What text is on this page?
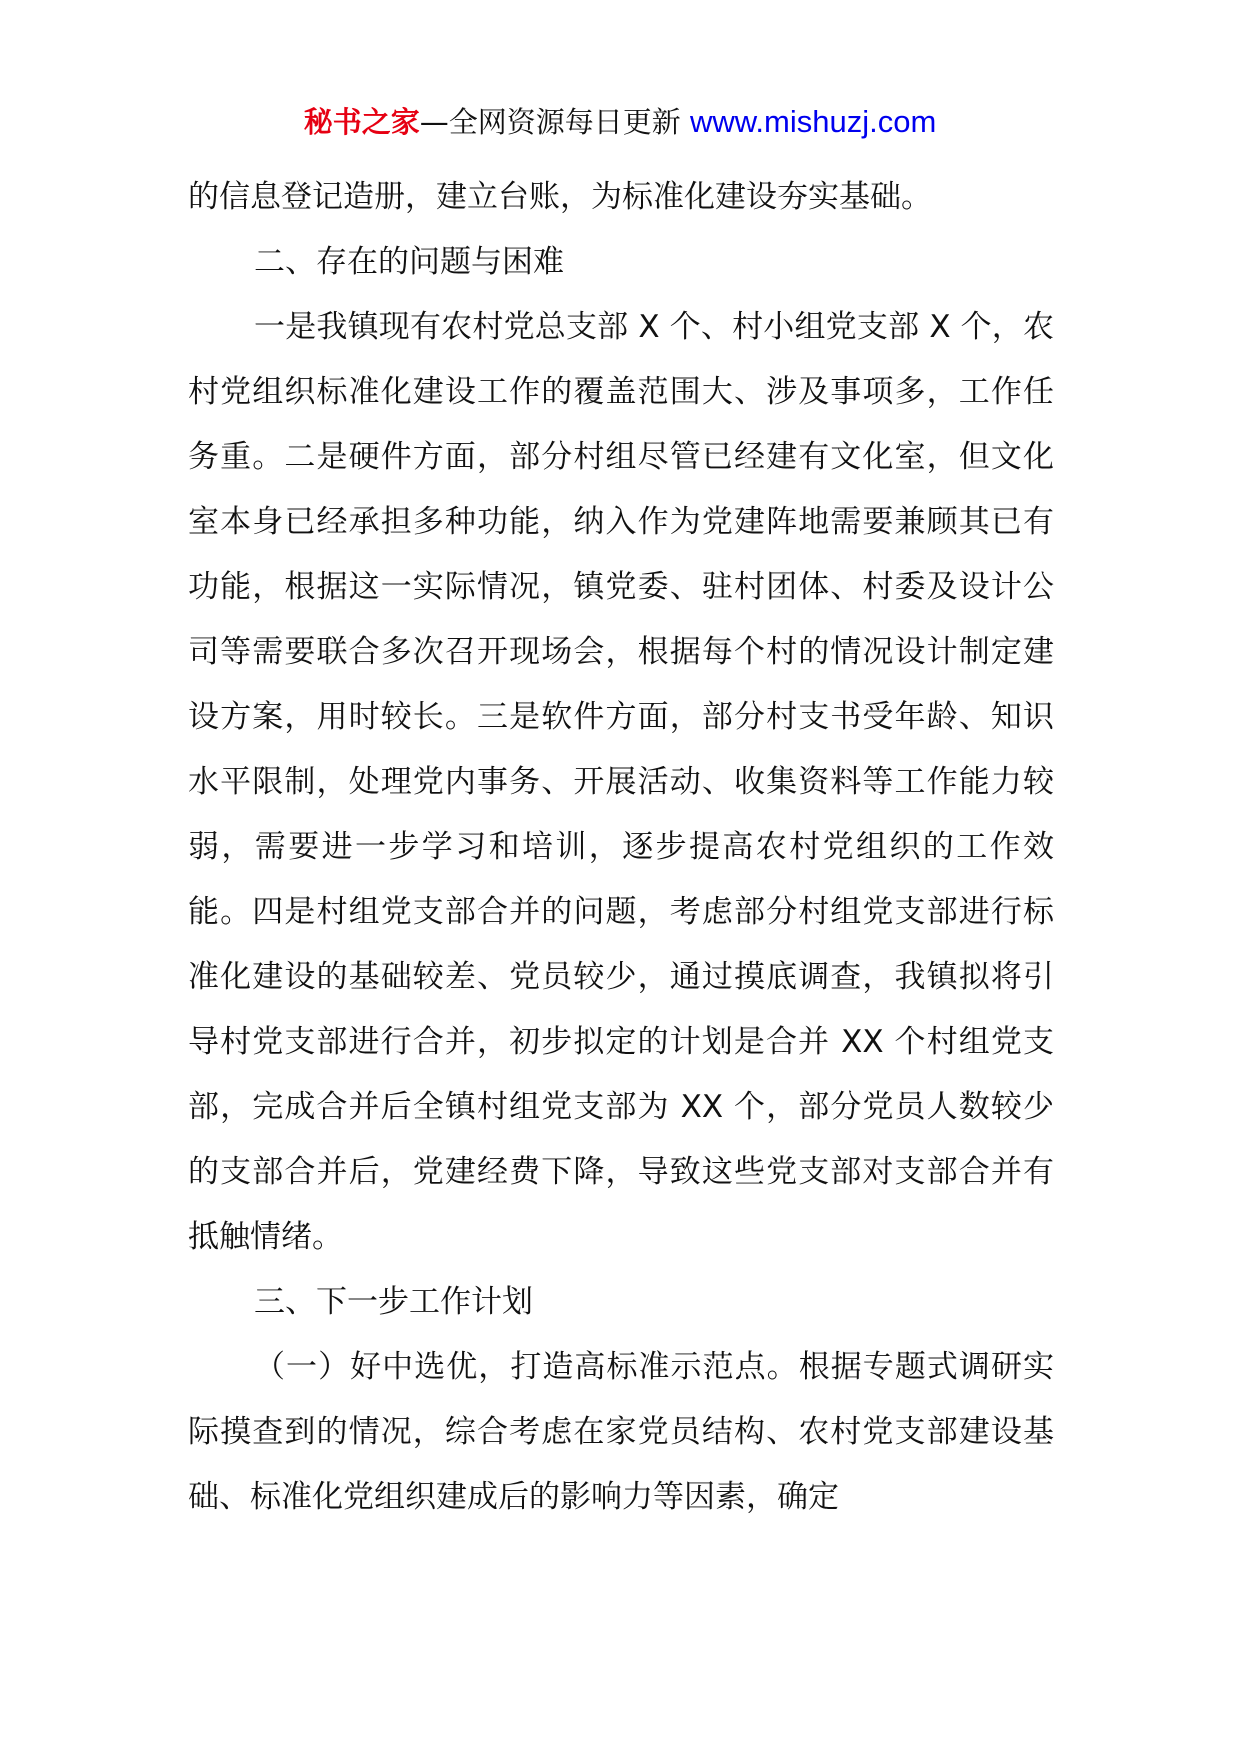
秘书之家—全网资源每日更新 www.mishuzj.com

的信息登记造册，建立台账，为标准化建设夯实基础。

二、存在的问题与困难

一是我镇现有农村党总支部 X 个、村小组党支部 X 个，农村党组织标准化建设工作的覆盖范围大、涉及事项多，工作任务重。二是硬件方面，部分村组尽管已经建有文化室，但文化室本身已经承担多种功能，纳入作为党建阵地需要兼顾其已有功能，根据这一实际情况，镇党委、驻村团体、村委及设计公司等需要联合多次召开现场会，根据每个村的情况设计制定建设方案，用时较长。三是软件方面，部分村支书受年龄、知识水平限制，处理党内事务、开展活动、收集资料等工作能力较弱，需要进一步学习和培训，逐步提高农村党组织的工作效能。四是村组党支部合并的问题，考虑部分村组党支部进行标准化建设的基础较差、党员较少，通过摸底调查，我镇拟将引导村党支部进行合并，初步拟定的计划是合并 XX 个村组党支部，完成合并后全镇村组党支部为 XX 个，部分党员人数较少的支部合并后，党建经费下降，导致这些党支部对支部合并有抵触情绪。

三、下一步工作计划

（一）好中选优，打造高标准示范点。根据专题式调研实际摸查到的情况，综合考虑在家党员结构、农村党支部建设基础、标准化党组织建成后的影响力等因素，确定
